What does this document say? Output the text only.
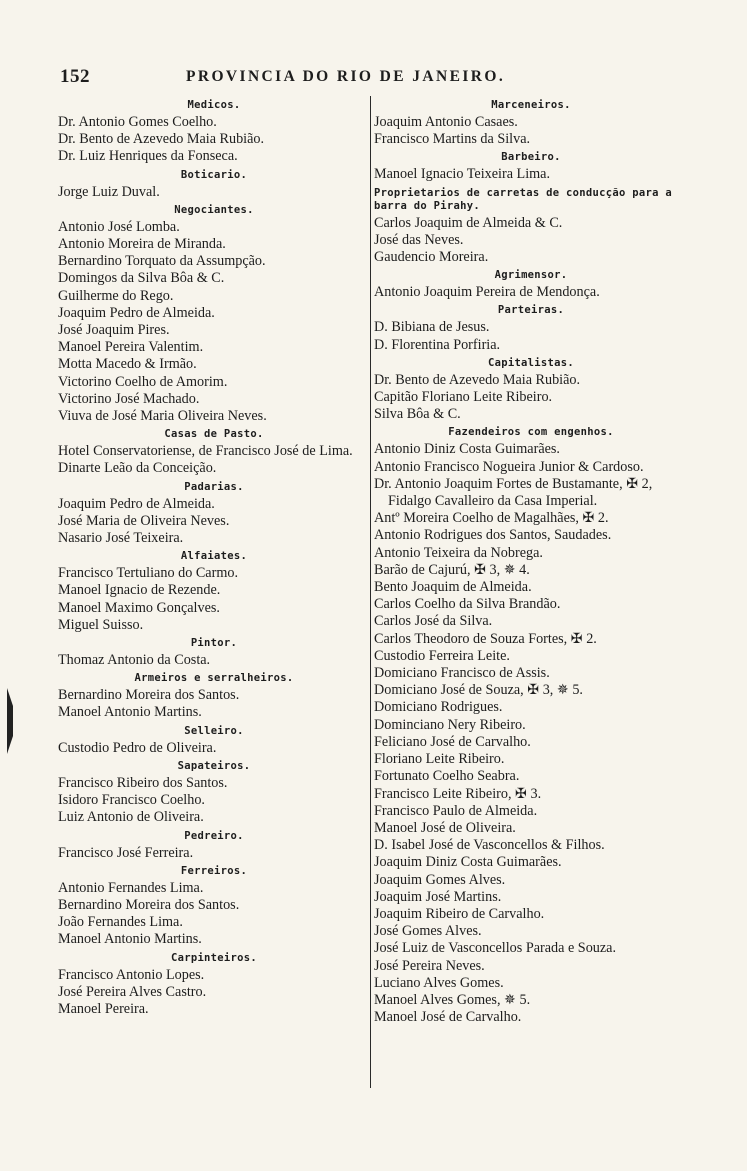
152	PROVINCIA DO RIO DE JANEIRO.
Medicos.
Dr. Antonio Gomes Coelho.
Dr. Bento de Azevedo Maia Rubião.
Dr. Luiz Henriques da Fonseca.
Boticario.
Jorge Luiz Duval.
Negociantes.
Antonio José Lomba.
Antonio Moreira de Miranda.
Bernardino Torquato da Assumpção.
Domingos da Silva Bôa & C.
Guilherme do Rego.
Joaquim Pedro de Almeida.
José Joaquim Pires.
Manoel Pereira Valentim.
Motta Macedo & Irmão.
Victorino Coelho de Amorim.
Victorino José Machado.
Viuva de José Maria Oliveira Neves.
Casas de Pasto.
Hotel Conservatoriense, de Francisco José de Lima.
Dinarte Leão da Conceição.
Padarias.
Joaquim Pedro de Almeida.
José Maria de Oliveira Neves.
Nasario José Teixeira.
Alfaiates.
Francisco Tertuliano do Carmo.
Manoel Ignacio de Rezende.
Manoel Maximo Gonçalves.
Miguel Suisso.
Pintor.
Thomaz Antonio da Costa.
Armeiros e serralheiros.
Bernardino Moreira dos Santos.
Manoel Antonio Martins.
Selleiro.
Custodio Pedro de Oliveira.
Sapateiros.
Francisco Ribeiro dos Santos.
Isidoro Francisco Coelho.
Luiz Antonio de Oliveira.
Pedreiro.
Francisco José Ferreira.
Ferreiros.
Antonio Fernandes Lima.
Bernardino Moreira dos Santos.
João Fernandes Lima.
Manoel Antonio Martins.
Carpinteiros.
Francisco Antonio Lopes.
José Pereira Alves Castro.
Manoel Pereira.
Marceneiros.
Joaquim Antonio Casaes.
Francisco Martins da Silva.
Barbeiro.
Manoel Ignacio Teixeira Lima.
Proprietarios de carretas de conducção para a barra do Pirahy.
Carlos Joaquim de Almeida & C.
José das Neves.
Gaudencio Moreira.
Agrimensor.
Antonio Joaquim Pereira de Mendonça.
Parteiras.
D. Bibiana de Jesus.
D. Florentina Porfiria.
Capitalistas.
Dr. Bento de Azevedo Maia Rubião.
Capitão Floriano Leite Ribeiro.
Silva Bôa & C.
Fazendeiros com engenhos.
Antonio Diniz Costa Guimarães.
Antonio Francisco Nogueira Junior & Cardoso.
Dr. Antonio Joaquim Fortes de Bustamante, ✠ 2, Fidalgo Cavalleiro da Casa Imperial.
Antº Moreira Coelho de Magalhães, ✠ 2.
Antonio Rodrigues dos Santos, Saudades.
Antonio Teixeira da Nobrega.
Barão de Cajurú, ✠ 3, ✵ 4.
Bento Joaquim de Almeida.
Carlos Coelho da Silva Brandão.
Carlos José da Silva.
Carlos Theodoro de Souza Fortes, ✠ 2.
Custodio Ferreira Leite.
Domiciano Francisco de Assis.
Domiciano José de Souza, ✠ 3, ✵ 5.
Domiciano Rodrigues.
Dominciano Nery Ribeiro.
Feliciano José de Carvalho.
Floriano Leite Ribeiro.
Fortunato Coelho Seabra.
Francisco Leite Ribeiro, ✠ 3.
Francisco Paulo de Almeida.
Manoel José de Oliveira.
D. Isabel José de Vasconcellos & Filhos.
Joaquim Diniz Costa Guimarães.
Joaquim Gomes Alves.
Joaquim José Martins.
Joaquim Ribeiro de Carvalho.
José Gomes Alves.
José Luiz de Vasconcellos Parada e Souza.
José Pereira Neves.
Luciano Alves Gomes.
Manoel Alves Gomes, ✵ 5.
Manoel José de Carvalho.
